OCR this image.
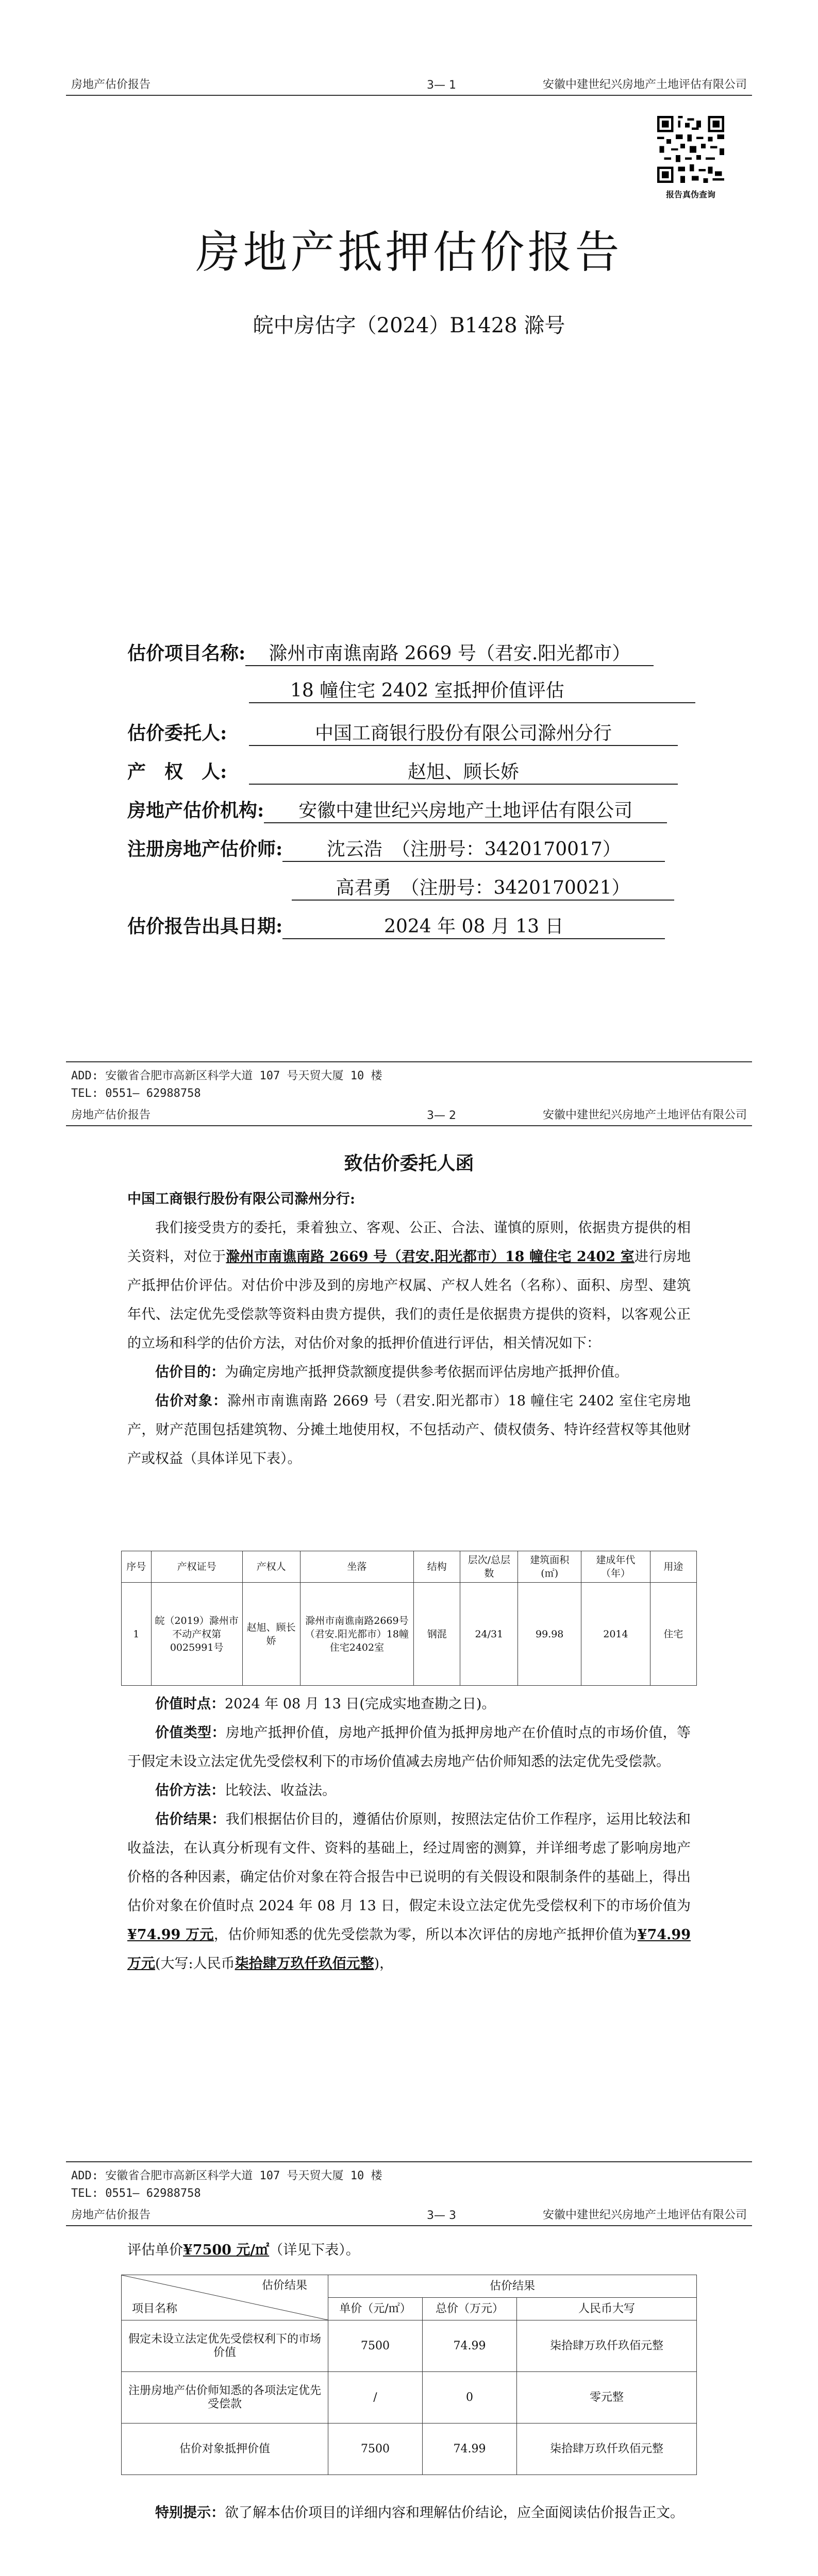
房地产估价报告	3— 1	安徽中建世纪兴房地产土地评估有限公司
报告真伪查询
房地产抵押估价报告
皖中房估字（2024）B1428 滁号
估价项目名称: 滁州市南谯南路 2669 号（君安.阳光都市）
18 幢住宅 2402 室抵押价值评估
估价委托人:	中国工商银行股份有限公司滁州分行
产　权　人:	赵旭、顾长娇
房地产估价机构: 安徽中建世纪兴房地产土地评估有限公司
注册房地产估价师: 沈云浩　（注册号：3420170017）
高君勇　（注册号：3420170021）
估价报告出具日期:	2024 年 08 月 13 日
ADD: 安徽省合肥市高新区科学大道 107 号天贸大厦 10 楼
TEL: 0551— 62988758
房地产估价报告	3— 2	安徽中建世纪兴房地产土地评估有限公司
致估价委托人函
中国工商银行股份有限公司滁州分行:
我们接受贵方的委托，秉着独立、客观、公正、合法、谨慎的原则，依据贵方提供的相关资料，对位于滁州市南谯南路 2669 号（君安.阳光都市）18 幢住宅 2402 室进行房地产抵押估价评估。对估价中涉及到的房地产权属、产权人姓名（名称）、面积、房型、建筑年代、法定优先受偿款等资料由贵方提供，我们的责任是依据贵方提供的资料，以客观公正的立场和科学的估价方法，对估价对象的抵押价值进行评估，相关情况如下：
估价目的：为确定房地产抵押贷款额度提供参考依据而评估房地产抵押价值。
估价对象：滁州市南谯南路 2669 号（君安.阳光都市）18 幢住宅 2402 室住宅房地产，财产范围包括建筑物、分摊土地使用权，不包括动产、债权债务、特许经营权等其他财产或权益（具体详见下表）。
序号	产权证号	产权人	坐落	结构	层次/总层数	建筑面积(㎡)	建成年代（年）	用途
1	皖（2019）滁州市不动产权第0025991号	赵旭、顾长娇	滁州市南谯南路2669号（君安.阳光都市）18幢住宅2402室	钢混	24/31	99.98	2014	住宅
价值时点：2024 年 08 月 13 日(完成实地查勘之日)。
价值类型：房地产抵押价值，房地产抵押价值为抵押房地产在价值时点的市场价值，等于假定未设立法定优先受偿权利下的市场价值减去房地产估价师知悉的法定优先受偿款。
估价方法：比较法、收益法。
估价结果：我们根据估价目的，遵循估价原则，按照法定估价工作程序，运用比较法和收益法，在认真分析现有文件、资料的基础上，经过周密的测算，并详细考虑了影响房地产价格的各种因素，确定估价对象在符合报告中已说明的有关假设和限制条件的基础上，得出估价对象在价值时点 2024 年 08 月 13 日，假定未设立法定优先受偿权利下的市场价值为¥74.99 万元，估价师知悉的优先受偿款为零，所以本次评估的房地产抵押价值为¥74.99 万元(大写:人民币柒拾肆万玖仟玖佰元整)，
ADD: 安徽省合肥市高新区科学大道 107 号天贸大厦 10 楼
TEL: 0551— 62988758
房地产估价报告	3— 3	安徽中建世纪兴房地产土地评估有限公司
评估单价¥7500 元/㎡（详见下表）。
估价结果
项目名称	估价结果		
	单价（元/㎡）	总价（万元）	人民币大写
假定未设立法定优先受偿权利下的市场价值	7500	74.99	柒拾肆万玖仟玖佰元整
注册房地产估价师知悉的各项法定优先受偿款	/	0	零元整
估价对象抵押价值	7500	74.99	柒拾肆万玖仟玖佰元整
特别提示：欲了解本估价项目的详细内容和理解估价结论，应全面阅读估价报告正文。
